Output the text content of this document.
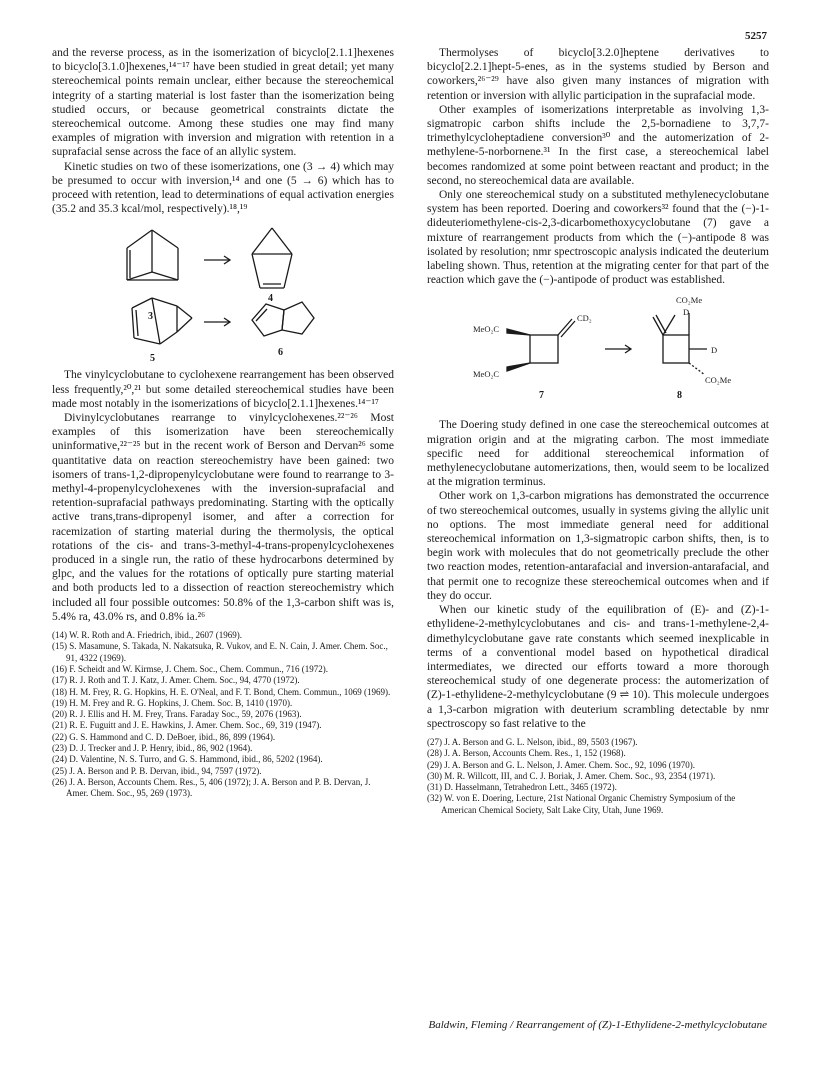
5257

and the reverse process, as in the isomerization of bicyclo[2.1.1]hexenes to bicyclo[3.1.0]hexenes,¹⁴⁻¹⁷ have been studied in great detail; yet many stereochemical points remain unclear, either because the stereochemical integrity of a starting material is lost faster than the isomerization being studied occurs, or because geometrical constraints dictate the stereochemical outcome. Among these studies one may find many examples of migration with inversion and migration with retention in a suprafacial sense across the face of an allylic system.

Kinetic studies on two of these isomerizations, one (3 → 4) which may be presumed to occur with inversion,¹⁴ and one (5 → 6) which has to proceed with retention, lead to determinations of equal activation energies (35.2 and 35.3 kcal/mol, respectively).¹⁸,¹⁹

3
4
5
6

The vinylcyclobutane to cyclohexene rearrangement has been observed less frequently,²⁰,²¹ but some detailed stereochemical studies have been made most notably in the isomerizations of bicyclo[2.1.1]hexenes.¹⁴⁻¹⁷

Divinylcyclobutanes rearrange to vinylcyclohexenes.²²⁻²⁶ Most examples of this isomerization have been stereochemically uninformative,²²⁻²⁵ but in the recent work of Berson and Dervan²⁶ some quantitative data on reaction stereochemistry have been gained: two isomers of trans-1,2-dipropenylcyclobutane were found to rearrange to 3-methyl-4-propenylcyclohexenes with the inversion-suprafacial and retention-suprafacial pathways predominating. Starting with the optically active trans,trans-dipropenyl isomer, and after a correction for racemization of starting material during the thermolysis, the optical rotations of the cis- and trans-3-methyl-4-trans-propenylcyclohexenes produced in a single run, the ratio of these hydrocarbons determined by glpc, and the values for the rotations of optically pure starting material and both products led to a dissection of reaction stereochemistry which included all four possible outcomes: 50.8% of the 1,3-carbon shift was is, 5.4% ra, 43.0% rs, and 0.8% ia.²⁶

(14) W. R. Roth and A. Friedrich, ibid., 2607 (1969).
(15) S. Masamune, S. Takada, N. Nakatsuka, R. Vukov, and E. N. Cain, J. Amer. Chem. Soc., 91, 4322 (1969).
(16) F. Scheidt and W. Kirmse, J. Chem. Soc., Chem. Commun., 716 (1972).
(17) R. J. Roth and T. J. Katz, J. Amer. Chem. Soc., 94, 4770 (1972).
(18) H. M. Frey, R. G. Hopkins, H. E. O'Neal, and F. T. Bond, Chem. Commun., 1069 (1969).
(19) H. M. Frey and R. G. Hopkins, J. Chem. Soc. B, 1410 (1970).
(20) R. J. Ellis and H. M. Frey, Trans. Faraday Soc., 59, 2076 (1963).
(21) R. E. Fuguitt and J. E. Hawkins, J. Amer. Chem. Soc., 69, 319 (1947).
(22) G. S. Hammond and C. D. DeBoer, ibid., 86, 899 (1964).
(23) D. J. Trecker and J. P. Henry, ibid., 86, 902 (1964).
(24) D. Valentine, N. S. Turro, and G. S. Hammond, ibid., 86, 5202 (1964).
(25) J. A. Berson and P. B. Dervan, ibid., 94, 7597 (1972).
(26) J. A. Berson, Accounts Chem. Res., 5, 406 (1972); J. A. Berson and P. B. Dervan, J. Amer. Chem. Soc., 95, 269 (1973).

Thermolyses of bicyclo[3.2.0]heptene derivatives to bicyclo[2.2.1]hept-5-enes, as in the systems studied by Berson and coworkers,²⁶⁻²⁹ have also given many instances of migration with retention or inversion with allylic participation in the suprafacial mode.

Other examples of isomerizations interpretable as involving 1,3-sigmatropic carbon shifts include the 2,5-bornadiene to 3,7,7-trimethylcycloheptadiene conversion³⁰ and the automerization of 2-methylene-5-norbornene.³¹ In the first case, a stereochemical label becomes randomized at some point between reactant and product; in the second, no stereochemical data are available.

Only one stereochemical study on a substituted methylenecyclobutane system has been reported. Doering and coworkers³² found that the (−)-1-dideuteriomethylene-cis-2,3-dicarbomethoxycyclobutane (7) gave a mixture of rearrangement products from which the (−)-antipode 8 was isolated by resolution; nmr spectroscopic analysis indicated the deuterium labeling shown. Thus, retention at the migrating center for that part of the reaction which gave the (−)-antipode of product was established.

CO₂Me
D
D
CO₂Me
MeO₂C
MeO₂C
CD₂
7	8

The Doering study defined in one case the stereochemical outcomes at migration origin and at the migrating carbon. The most immediate specific need for additional stereochemical information of methylenecyclobutane automerizations, then, would seem to be localized at the migration terminus.

Other work on 1,3-carbon migrations has demonstrated the occurrence of two stereochemical outcomes, usually in systems giving the allylic unit no options. The most immediate general need for additional stereochemical information on 1,3-sigmatropic carbon shifts, then, is to begin work with molecules that do not geometrically preclude the other two reaction modes, retention-antarafacial and inversion-antarafacial, and that permit one to recognize these stereochemical outcomes when and if they do occur.

When our kinetic study of the equilibration of (E)- and (Z)-1-ethylidene-2-methylcyclobutanes and cis- and trans-1-methylene-2,4-dimethylcyclobutane gave rate constants which seemed inexplicable in terms of a conventional model based on hypothetical diradical intermediates, we directed our efforts toward a more thorough stereochemical study of one degenerate process: the automerization of (Z)-1-ethylidene-2-methylcyclobutane (9 ⇌ 10). This molecule undergoes a 1,3-carbon migration with deuterium scrambling detectable by nmr spectroscopy so fast relative to the

(27) J. A. Berson and G. L. Nelson, ibid., 89, 5503 (1967).
(28) J. A. Berson, Accounts Chem. Res., 1, 152 (1968).
(29) J. A. Berson and G. L. Nelson, J. Amer. Chem. Soc., 92, 1096 (1970).
(30) M. R. Willcott, III, and C. J. Boriak, J. Amer. Chem. Soc., 93, 2354 (1971).
(31) D. Hasselmann, Tetrahedron Lett., 3465 (1972).
(32) W. von E. Doering, Lecture, 21st National Organic Chemistry Symposium of the American Chemical Society, Salt Lake City, Utah, June 1969.
Baldwin, Fleming / Rearrangement of (Z)-1-Ethylidene-2-methylcyclobutane
